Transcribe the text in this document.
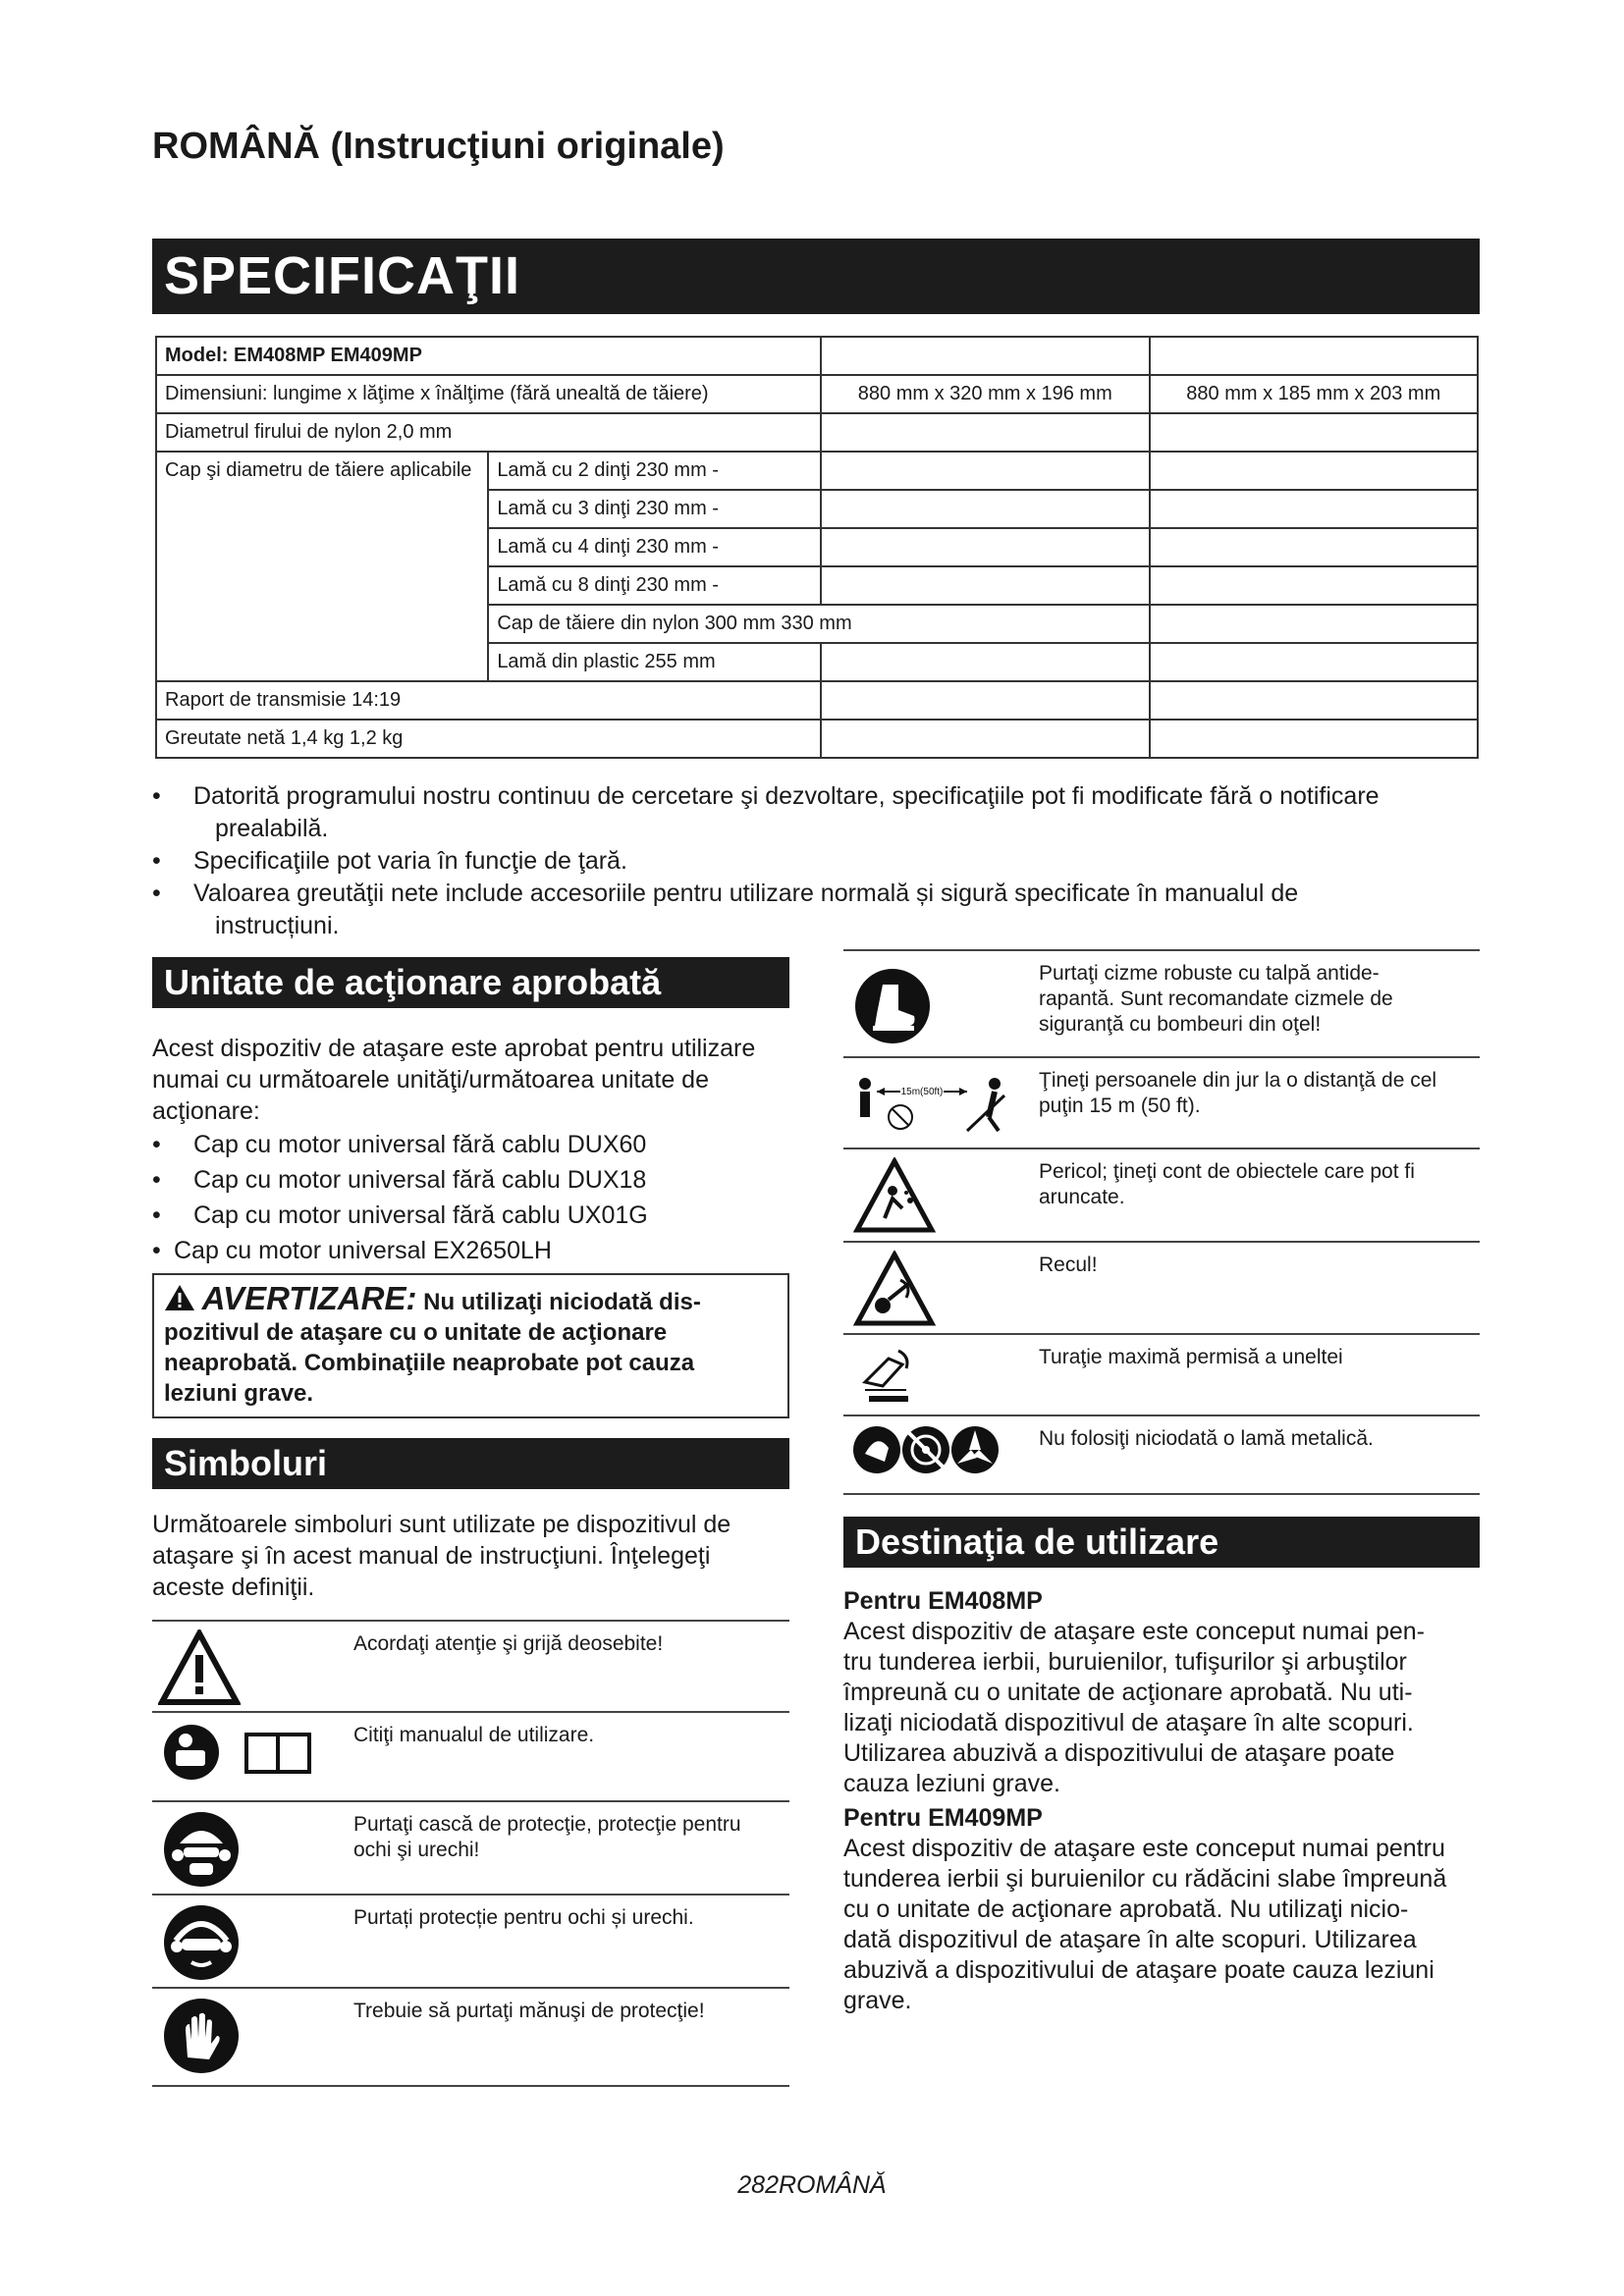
ROMÂNĂ (Instrucţiuni originale)
SPECIFICAŢII
Model: EM408MP EM409MP			
Dimensiuni: lungime x lăţime x înălţime (fără unealtă de tăiere)		880 mm x 320 mm x 196 mm	880 mm x 185 mm x 203 mm
Diametrul firului de nylon 2,0 mm			
Cap şi diametru de tăiere aplicabile	Lamă cu 2 dinţi 230 mm -		
	Lamă cu 3 dinţi 230 mm -		
	Lamă cu 4 dinţi 230 mm -		
	Lamă cu 8 dinţi 230 mm -		
	Cap de tăiere din nylon 300 mm 330 mm		
	Lamă din plastic 255 mm		
Raport de transmisie 14:19			
Greutate netă 1,4 kg 1,2 kg			
• Datorită programului nostru continuu de cercetare şi dezvoltare, specificaţiile pot fi modificate fără o notificare
prealabilă.
• Specificaţiile pot varia în funcţie de ţară.
• Valoarea greutăţii nete include accesoriile pentru utilizare normală și sigură specificate în manualul de
instrucțiuni.
Unitate de acţionare aprobată
Acest dispozitiv de ataşare este aprobat pentru utilizare
numai cu următoarele unităţi/următoarea unitate de
acţionare:
• Cap cu motor universal fără cablu DUX60
• Cap cu motor universal fără cablu DUX18
• Cap cu motor universal fără cablu UX01G
• Cap cu motor universal EX2650LH
AVERTIZARE: Nu utilizaţi niciodată dis-
pozitivul de ataşare cu o unitate de acţionare
neaprobată. Combinaţiile neaprobate pot cauza
leziuni grave.
Simboluri
Următoarele simboluri sunt utilizate pe dispozitivul de
ataşare şi în acest manual de instrucţiuni. Înţelegeţi
aceste definiţii.

Acordaţi atenţie şi grijă deosebite!

Citiţi manualul de utilizare.

Purtaţi cască de protecţie, protecţie pentru
ochi şi urechi!

Purtați protecție pentru ochi și urechi.

Trebuie să purtaţi mănuşi de protecţie!

Purtaţi cizme robuste cu talpă antide-
rapantă. Sunt recomandate cizmele de
siguranţă cu bombeuri din oţel!

15m(50ft)	Ţineţi persoanele din jur la o distanţă de cel
puţin 15 m (50 ft).

Pericol; ţineţi cont de obiectele care pot fi
aruncate.

Recul!

Turaţie maximă permisă a uneltei

Nu folosiţi niciodată o lamă metalică.
Destinaţia de utilizare
Pentru EM408MP
Acest dispozitiv de ataşare este conceput numai pen-
tru tunderea ierbii, buruienilor, tufişurilor şi arbuştilor
împreună cu o unitate de acţionare aprobată. Nu uti-
lizaţi niciodată dispozitivul de ataşare în alte scopuri.
Utilizarea abuzivă a dispozitivului de ataşare poate
cauza leziuni grave.
Pentru EM409MP
Acest dispozitiv de ataşare este conceput numai pentru
tunderea ierbii şi buruienilor cu rădăcini slabe împreună
cu o unitate de acţionare aprobată. Nu utilizaţi nicio-
dată dispozitivul de ataşare în alte scopuri. Utilizarea
abuzivă a dispozitivului de ataşare poate cauza leziuni
grave.
282ROMÂNĂ
